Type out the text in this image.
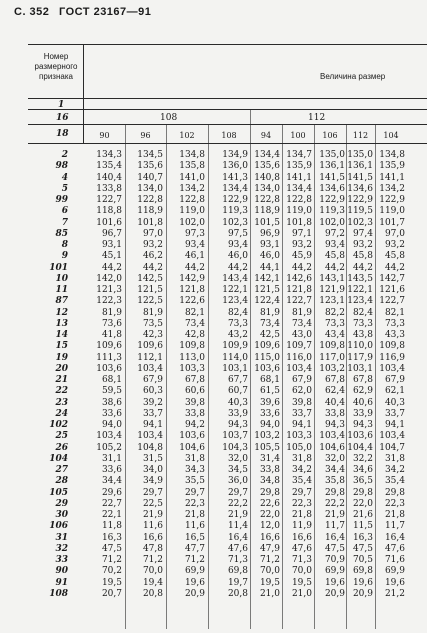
С. 352 ГОСТ 23167—91
Номер
размерного
признака	Величина размер
1
16
18
108	112
90	96	102	108	94	100	106	112	104
2	134,3	134,5	134,8	134,9 134,4 134,7 135,0 135,0 134,8
98	135,4	135,6	135,8	136,0 135,6 135,9 136,1 136,1 135,9
4	140,4	140,7	141,0	141,3 140,8 141,1 141,5 141,5 141,1
5	133,8	134,0	134,2	134,4 134,0 134,4 134,6 134,6 134,2
99	122,7	122,8	122,8	122,9 122,8 122,8 122,9 122,9 122,9
6	118,8	118,9	119,0	119,3 118,9 119,0 119,3 119,5 119,0
7	101,6	101,8	102,0	102,3 101,5 101,8 102,0 102,3 101,7
85	96,7	97,0	97,3	97,5	96,9	97,1	97,2 97,4	97,0
8	93,1	93,2	93,4	93,4	93,1	93,2	93,4 93,2	93,2
9	45,1	46,2	46,1	46,0	46,0	45,9	45,8 45,8	45,8
101	44,2	44,2	44,2	44,2	44,1	44,2	44,2 44,2	44,2
10	142,0	142,5	142,9	143,4 142,1 142,6 143,1 143,5 142,7
11	121,3	121,5	121,8	122,1 121,5 121,8 121,9 122,1 121,6
87	122,3	122,5	122,6	123,4 122,4 122,7 123,1 123,4 122,7
12	81,9	81,9	82,1	82,4	81,9	81,9	82,2 82,4	82,1
13	73,6	73,5	73,4	73,3	73,4	73,4	73,3 73,3	73,3
14	41,8	42,3	42,8	43,2	42,5	43,0	43,4 43,8	43,3
15	109,6	109,6	109,8	109,9 109,6 109,7 109,8 110,0 109,8
19	111,3	112,1	113,0	114,0 115,0 116,0 117,0 117,9 116,9
20	103,6	103,4	103,3	103,1 103,6 103,4 103,2 103,1 103,4
21	68,1	67,9	67,8	67,7	68,1	67,9	67,8 67,8	67,9
22	59,5	60,3	60,6	60,7	61,5	62,0	62,4 62,9	62,1
23	38,6	39,2	39,8	40,3	39,6	39,8	40,4 40,6	40,3
24	33,6	33,7	33,8	33,9	33,6	33,7	33,8 33,9	33,7
102	94,0	94,1	94,2	94,3	94,0	94,1	94,3 94,3	94,1
25	103,4	103,4	103,6	103,7 103,2 103,3 103,4 103,6 103,4
26	105,2	104,8	104,6	104,3 105,5 105,0 104,6 104,4 104,7
104	31,1	31,5	31,8	32,0	31,4	31,8	32,0 32,2	31,8
27	33,6	34,0	34,3	34,5	33,8	34,2	34,4 34,6	34,2
28	34,4	34,9	35,5	36,0	34,8	35,4	35,8 36,5	35,4
105	29,6	29,7	29,7	29,7	29,8	29,7	29,8 29,8	29,8
29	22,7	22,5	22,3	22,2	22,6	22,3	22,2 22,0	22,3
30	22,1	21,9	21,8	21,9	22,0	21,8	21,9 21,6	21,8
106	11,8	11,6	11,6	11,4	12,0	11,9	11,7 11,5	11,7
31	16,3	16,6	16,5	16,4	16,6	16,6	16,4 16,3	16,4
32	47,5	47,8	47,7	47,6	47,9	47,6	47,5 47,5	47,6
33	71,2	71,2	71,2	71,3	71,2	71,3	70,9 70,5	71,6
90	70,2	70,0	69,9	69,8	70,0	70,0	69,9 69,8	69,9
91	19,5	19,4	19,6	19,7	19,5	19,5	19,6 19,6	19,6
108	20,7	20,8	20,9	20,8	21,0	21,0	20,9 20,9	21,2
